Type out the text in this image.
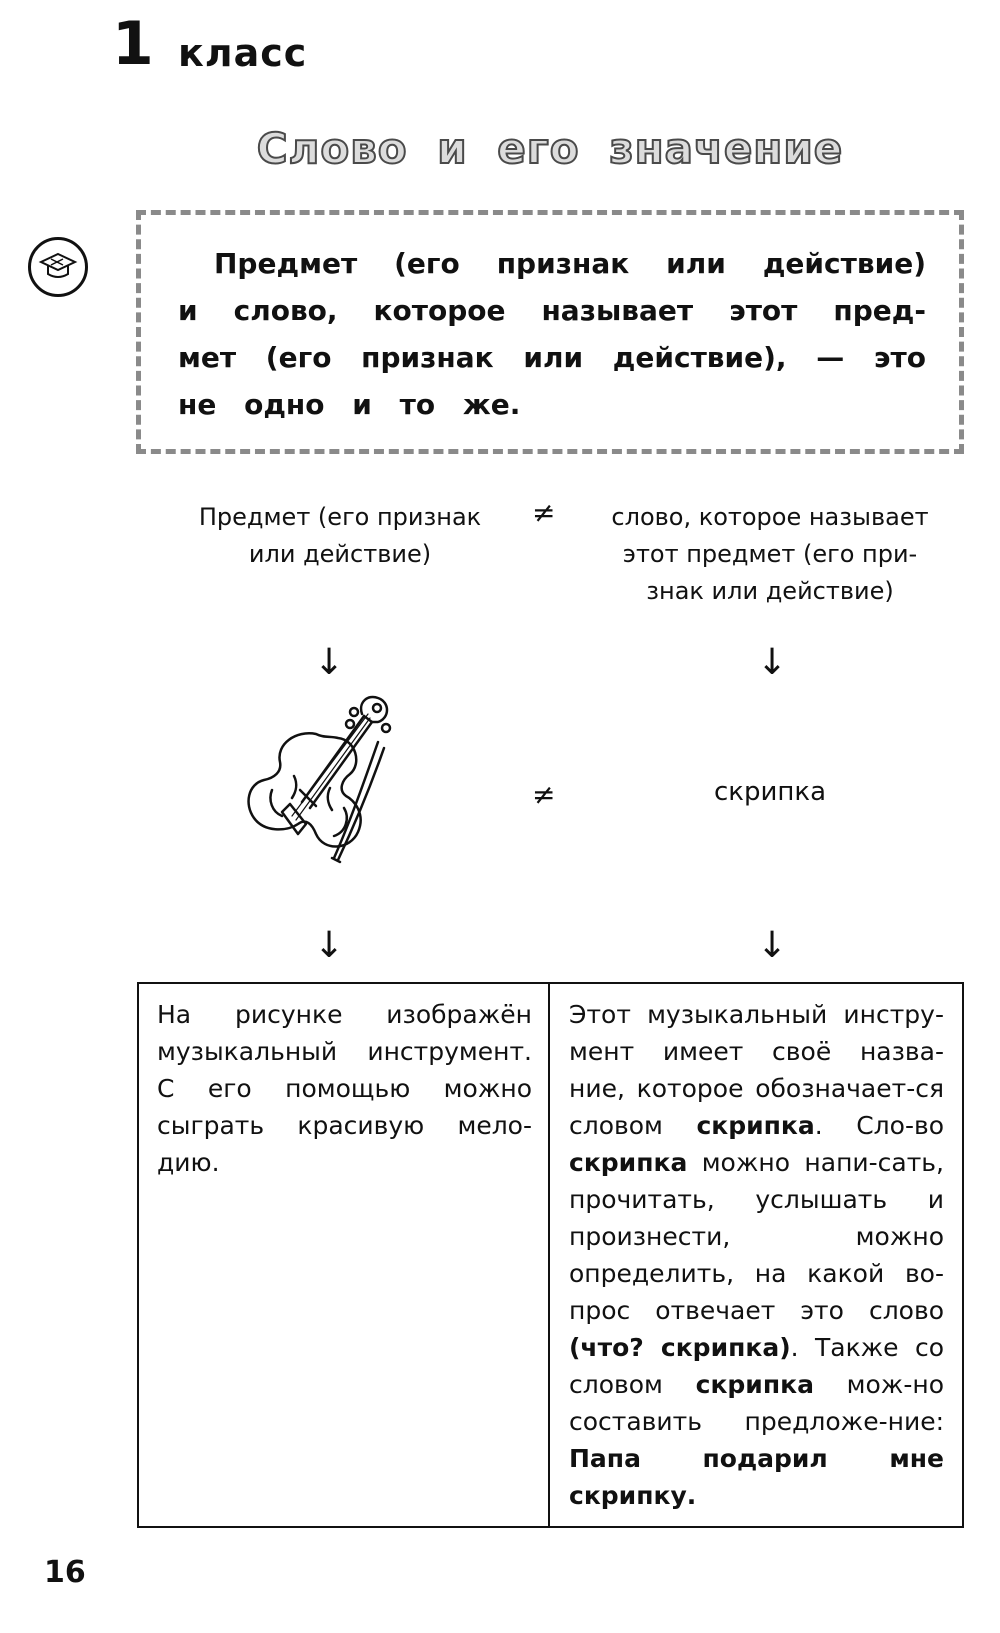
1 класс
Слово и его значение
Предмет (его признак или действие)
и слово, которое называет этот пред-
мет (его признак или действие), — это
не одно и то же.
Предмет (его признак
или действие)
≠	слово, которое называет
этот предмет (его при-
знак или действие)
↓	↓
≠	скрипка
↓	↓
На рисунке изображён
музыкальный инструмент.
С его помощью можно
сыграть красивую мело-
дию.
Этот музыкальный инстру-мент имеет своё назва-ние, которое обозначает-ся словом скрипка. Сло-во скрипка можно напи-сать, прочитать, услышать и произнести, можно определить, на какой во-прос отвечает это слово (что? скрипка). Также со словом скрипка мож-но составить предложе-ние: Папа подарил мне скрипку.
16
